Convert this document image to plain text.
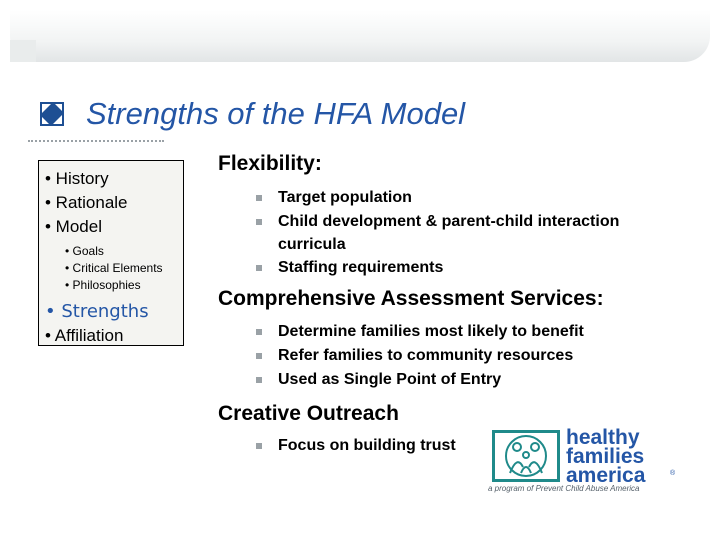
Strengths of the HFA Model
• History
• Rationale
• Model
• Goals
• Critical Elements
• Philosophies
• Strengths
• Affiliation
Flexibility:
Target population
Child development & parent-child interaction curricula
Staffing requirements
Comprehensive Assessment Services:
Determine families most likely to benefit
Refer families to community resources
Used as Single Point of Entry
Creative Outreach
Focus on building trust	healthy
families
america	®
a program of Prevent Child Abuse America
